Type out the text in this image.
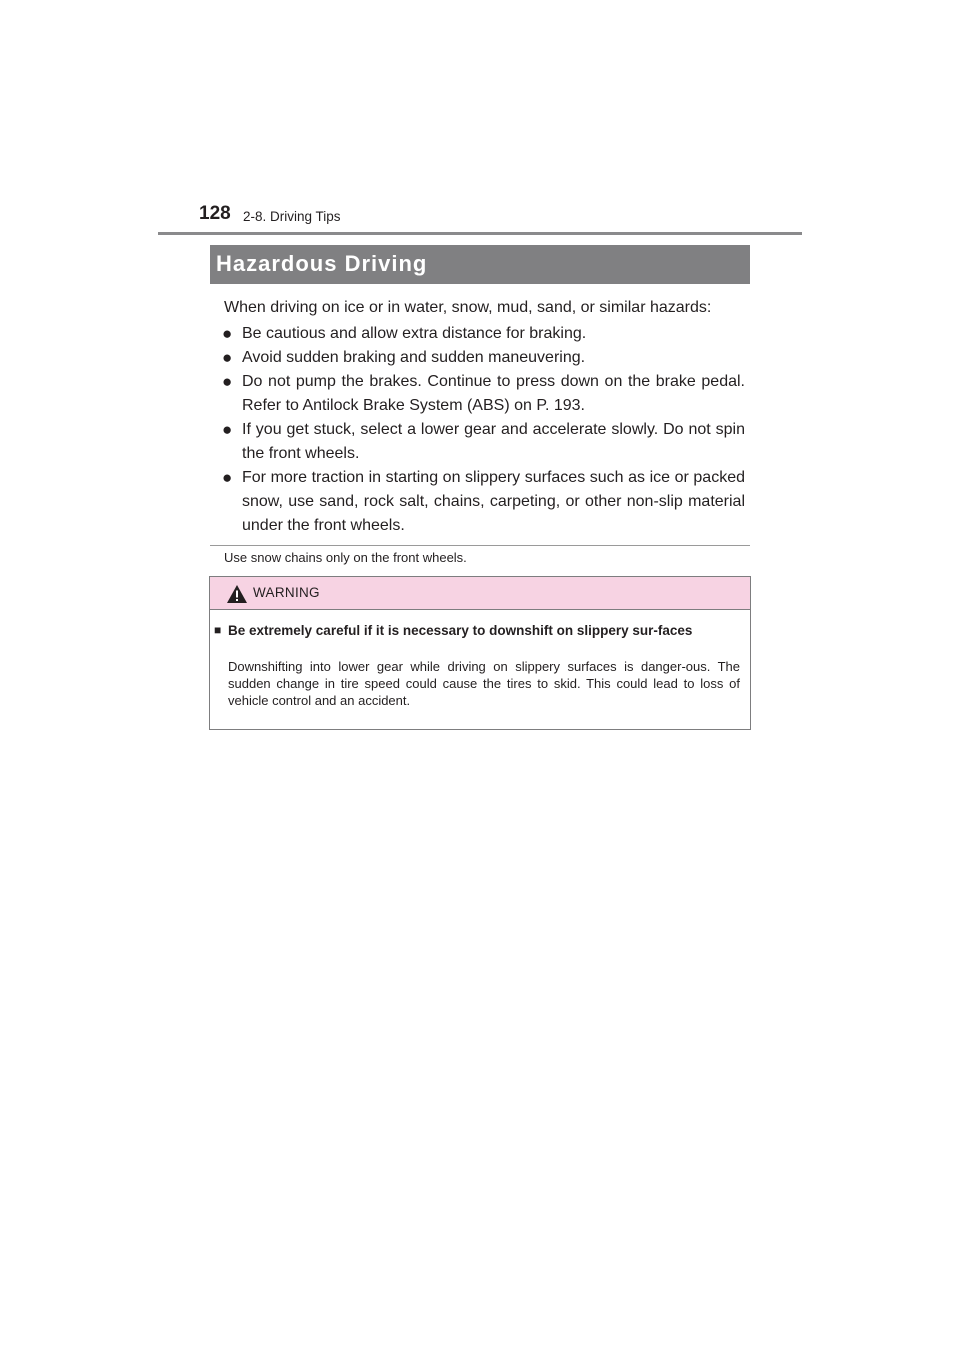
128 2-8. Driving Tips
Hazardous Driving
When driving on ice or in water, snow, mud, sand, or similar hazards:
● Be cautious and allow extra distance for braking.
● Avoid sudden braking and sudden maneuvering.
● Do not pump the brakes. Continue to press down on the brake pedal. Refer to Antilock Brake System (ABS) on P. 193.
● If you get stuck, select a lower gear and accelerate slowly. Do not spin the front wheels.
● For more traction in starting on slippery surfaces such as ice or packed snow, use sand, rock salt, chains, carpeting, or other non-slip material under the front wheels.
Use snow chains only on the front wheels.
WARNING
■ Be extremely careful if it is necessary to downshift on slippery sur-faces
Downshifting into lower gear while driving on slippery surfaces is danger-ous. The sudden change in tire speed could cause the tires to skid. This could lead to loss of vehicle control and an accident.
